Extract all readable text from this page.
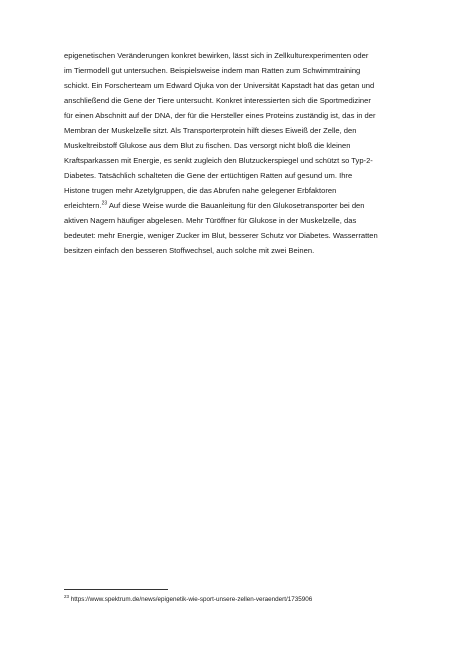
epigenetischen Veränderungen konkret bewirken, lässt sich in Zellkulturexperimenten oder
im Tiermodell gut untersuchen. Beispielsweise indem man Ratten zum Schwimmtraining
schickt. Ein Forscherteam um Edward Ojuka von der Universität Kapstadt hat das getan und
anschließend die Gene der Tiere untersucht. Konkret interessierten sich die Sportmediziner
für einen Abschnitt auf der DNA, der für die Hersteller eines Proteins zuständig ist, das in der
Membran der Muskelzelle sitzt. Als Transporterprotein hilft dieses Eiweiß der Zelle, den
Muskeltreibstoff Glukose aus dem Blut zu fischen. Das versorgt nicht bloß die kleinen
Kraftsparkassen mit Energie, es senkt zugleich den Blutzuckerspiegel und schützt so Typ-2-
Diabetes. Tatsächlich schalteten die Gene der ertüchtigen Ratten auf gesund um. Ihre
Histone trugen mehr Azetylgruppen, die das Abrufen nahe gelegener Erbfaktoren
erleichtern.$^{23}$ Auf diese Weise wurde die Bauanleitung für den Glukosetransporter bei den
aktiven Nagern häufiger abgelesen. Mehr Türöffner für Glukose in der Muskelzelle, das
bedeutet: mehr Energie, weniger Zucker im Blut, besserer Schutz vor Diabetes. Wasserratten
besitzen einfach den besseren Stoffwechsel, auch solche mit zwei Beinen.

$^{23}$ https://www.spektrum.de/news/epigenetik-wie-sport-unsere-zellen-veraendert/1735906
